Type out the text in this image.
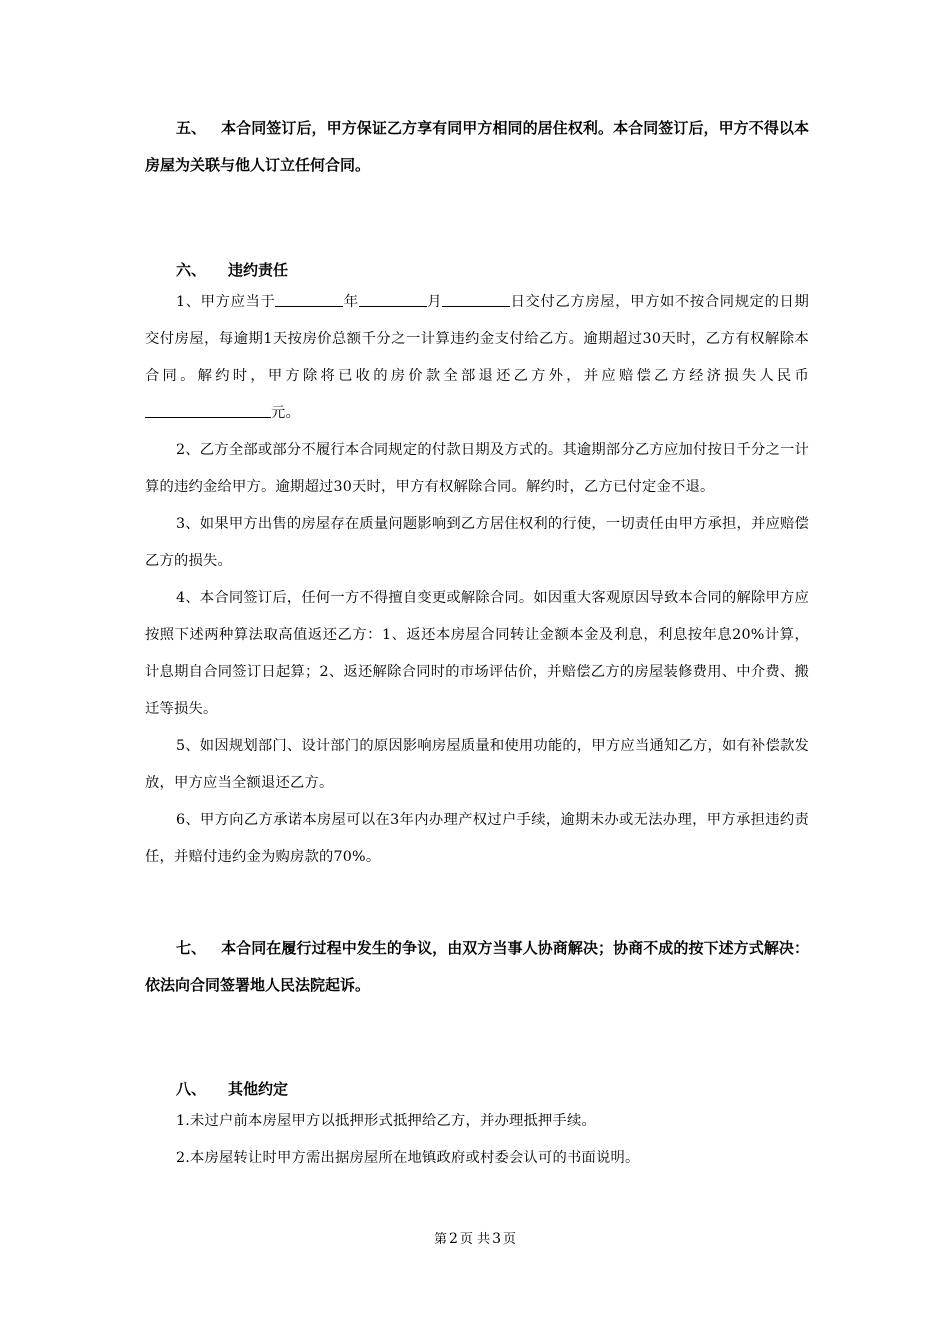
五、 本合同签订后，甲方保证乙方享有同甲方相同的居住权利。本合同签订后，甲方不得以本房屋为关联与他人订立任何合同。

六、 违约责任

1、甲方应当于	年	月	日交付乙方房屋，甲方如不按合同规定的日期交付房屋，每逾期1天按房价总额千分之一计算违约金支付给乙方。逾期超过30天时，乙方有权解除本合同。解约时，甲方除将已收的房价款全部退还乙方外，并应赔偿乙方经济损失人民币元。

2、乙方全部或部分不履行本合同规定的付款日期及方式的。其逾期部分乙方应加付按日千分之一计算的违约金给甲方。逾期超过30天时，甲方有权解除合同。解约时，乙方已付定金不退。

3、如果甲方出售的房屋存在质量问题影响到乙方居住权利的行使，一切责任由甲方承担，并应赔偿乙方的损失。

4、本合同签订后，任何一方不得擅自变更或解除合同。如因重大客观原因导致本合同的解除甲方应按照下述两种算法取高值返还乙方：1、返还本房屋合同转让金额本金及利息，利息按年息20%计算，计息期自合同签订日起算；2、返还解除合同时的市场评估价，并赔偿乙方的房屋装修费用、中介费、搬迁等损失。

5、如因规划部门、设计部门的原因影响房屋质量和使用功能的，甲方应当通知乙方，如有补偿款发放，甲方应当全额退还乙方。

6、甲方向乙方承诺本房屋可以在3年内办理产权过户手续，逾期未办或无法办理，甲方承担违约责任，并赔付违约金为购房款的70%。

七、 本合同在履行过程中发生的争议，由双方当事人协商解决；协商不成的按下述方式解决：依法向合同签署地人民法院起诉。

八、 其他约定

1.未过户前本房屋甲方以抵押形式抵押给乙方，并办理抵押手续。

2.本房屋转让时甲方需出据房屋所在地镇政府或村委会认可的书面说明。

第 2 页 共 3 页
